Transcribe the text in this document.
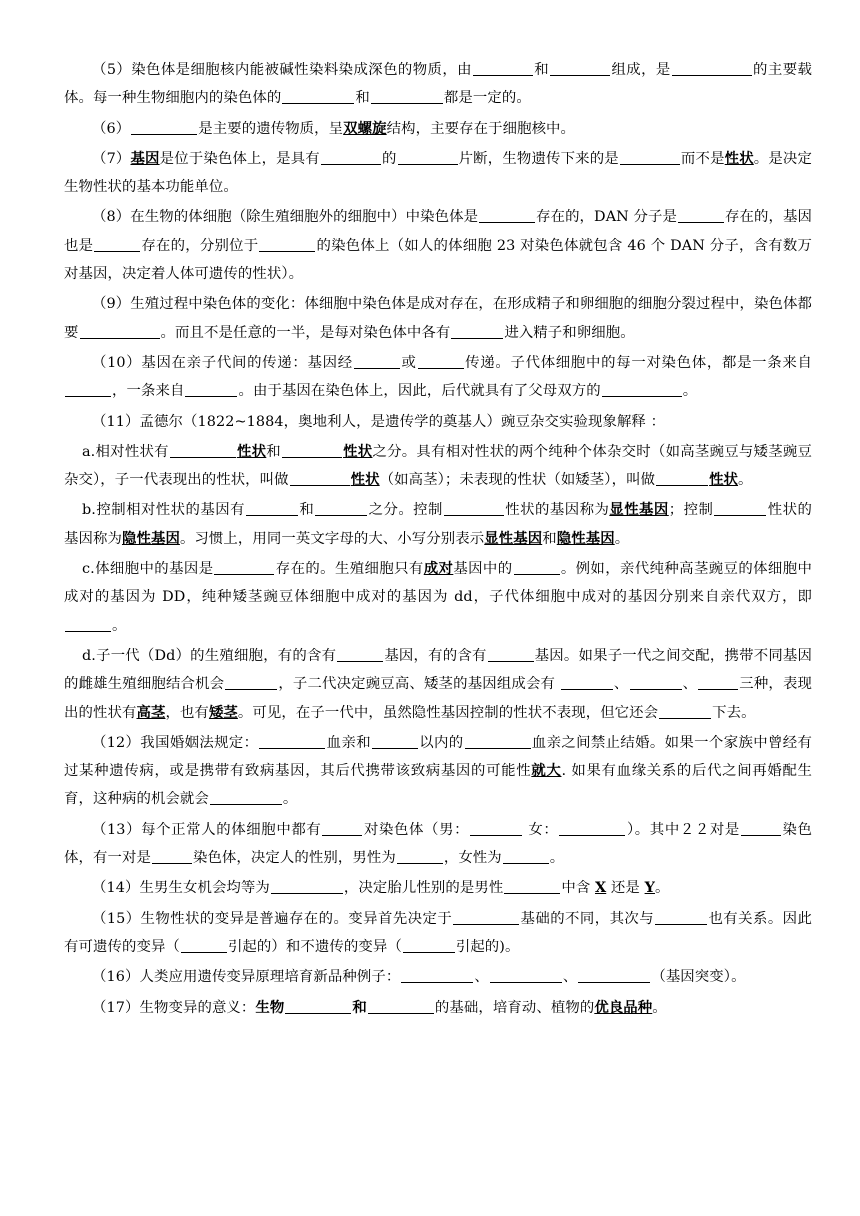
（5）染色体是细胞核内能被碱性染料染成深色的物质，由	和	组成，是	的主要载体。每一种生物细胞内的染色体的	和	都是一定的。

（6）	是主要的遗传物质，呈双螺旋结构，主要存在于细胞核中。

（7）基因是位于染色体上，是具有	的	片断，生物遗传下来的是	而不是性状。是决定生物性状的基本功能单位。

（8）在生物的体细胞（除生殖细胞外的细胞中）中染色体是	存在的，DAN 分子是	存在的，基因也是	存在的，分别位于	的染色体上（如人的体细胞 23 对染色体就包含 46 个 DAN 分子，含有数万对基因，决定着人体可遗传的性状）。

（9）生殖过程中染色体的变化：体细胞中染色体是成对存在，在形成精子和卵细胞的细胞分裂过程中，染色体都要	。而且不是任意的一半，是每对染色体中各有	进入精子和卵细胞。

（10）基因在亲子代间的传递：基因经	或	传递。子代体细胞中的每一对染色体，都是一条来自，一条来自	。由于基因在染色体上，因此，后代就具有了父母双方的	。

（11）孟德尔（1822~1884，奥地利人，是遗传学的奠基人）豌豆杂交实验现象解释 ：

a.相对性状有	性状和	性状之分。具有相对性状的两个纯种个体杂交时（如高茎豌豆与矮茎豌豆杂交），子一代表现出的性状，叫做	性状（如高茎）；未表现的性状（如矮茎），叫做	性状。

b.控制相对性状的基因有	和	之分。控制	性状的基因称为显性基因；控制	性状的基因称为隐性基因。习惯上，用同一英文字母的大、小写分别表示显性基因和隐性基因。

c.体细胞中的基因是	存在的。生殖细胞只有成对基因中的	。例如，亲代纯种高茎豌豆的体细胞中成对的基因为 DD，纯种矮茎豌豆体细胞中成对的基因为 dd，子代体细胞中成对的基因分别来自亲代双方，即。

d.子一代（Dd）的生殖细胞，有的含有	基因，有的含有	基因。如果子一代之间交配，携带不同基因的雌雄生殖细胞结合机会	，子二代决定豌豆高、矮茎的基因组成会有	、	、	三种，表现出的性状有高茎，也有矮茎。可见，在子一代中，虽然隐性基因控制的性状不表现，但它还会	下去。

（12）我国婚姻法规定：	血亲和	以内的	血亲之间禁止结婚。如果一个家族中曾经有过某种遗传病，或是携带有致病基因，其后代携带该致病基因的可能性就大. 如果有血缘关系的后代之间再婚配生育，这种病的机会就会	。

（13）每个正常人的体细胞中都有	对染色体（男：	女：	）。其中２２对是	染色体，有一对是	染色体，决定人的性别，男性为	，女性为	。

（14）生男生女机会均等为	，决定胎儿性别的是男性	中含 X 还是 Y。

（15）生物性状的变异是普遍存在的。变异首先决定于	基础的不同，其次与	也有关系。因此有可遗传的变异（	引起的）和不遗传的变异（	引起的)。

（16）人类应用遗传变异原理培育新品种例子：	、	、	（基因突变）。

（17）生物变异的意义：生物	和	的基础，培育动、植物的优良品种。
